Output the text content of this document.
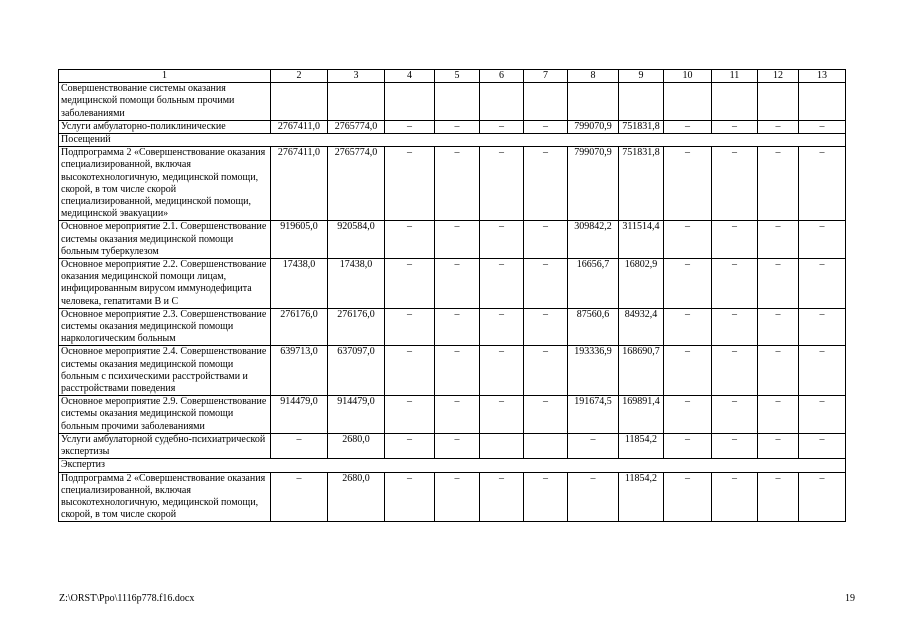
1	2	3	4	5	6	7	8	9	10	11	12	13
Совершенствование системы оказания медицинской помощи больным прочими заболеваниями												
Услуги амбулаторно-поликлинические	2767411,0	2765774,0	–	–	–	–	799070,9	751831,8	–	–	–	–
Посещений												
Подпрограмма 2 «Совершенствование оказания специализированной, включая высокотехнологичную, медицинской помощи, скорой, в том числе скорой специализированной, медицинской помощи, медицинской эвакуации»	2767411,0	2765774,0	–	–	–	–	799070,9	751831,8	–	–	–	–
Основное мероприятие 2.1. Совершенствование системы оказания медицинской помощи больным туберкулезом	919605,0	920584,0	–	–	–	–	309842,2	311514,4	–	–	–	–
Основное мероприятие 2.2. Совершенствование оказания медицинской помощи лицам, инфицированным вирусом иммунодефицита человека, гепатитами B и C	17438,0	17438,0	–	–	–	–	16656,7	16802,9	–	–	–	–
Основное мероприятие 2.3. Совершенствование системы оказания медицинской помощи наркологическим больным	276176,0	276176,0	–	–	–	–	87560,6	84932,4	–	–	–	–
Основное мероприятие 2.4. Совершенствование системы оказания медицинской помощи больным с психическими расстройствами и расстройствами поведения	639713,0	637097,0	–	–	–	–	193336,9	168690,7	–	–	–	–
Основное мероприятие 2.9. Совершенствование системы оказания медицинской помощи больным прочими заболеваниями	914479,0	914479,0	–	–	–	–	191674,5	169891,4	–	–	–	–
Услуги амбулаторной судебно-психиатрической экспертизы	–	2680,0	–	–			–	11854,2	–	–	–	–
Экспертиз												
Подпрограмма 2 «Совершенствование оказания специализированной, включая высокотехнологичную, медицинской помощи, скорой, в том числе скорой	–	2680,0	–	–	–	–	–	11854,2	–	–	–	–
Z:\ORST\Ppo\1116p778.f16.docx	19
